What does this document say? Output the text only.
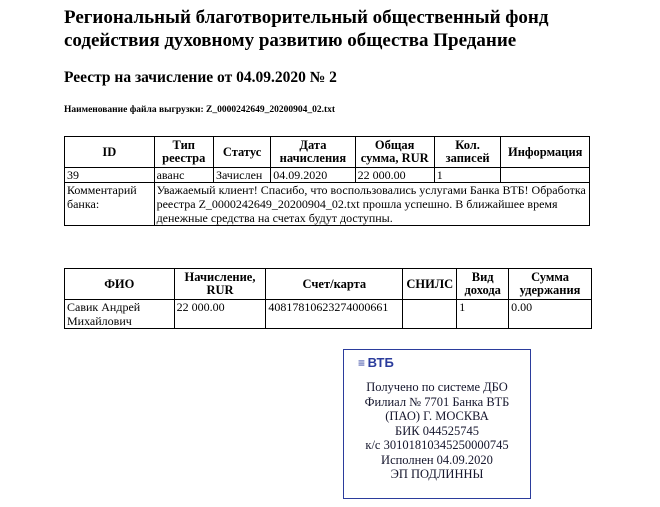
Региональный благотворительный общественный фонд содействия духовному развитию общества Предание
Реестр на зачисление от 04.09.2020 № 2
Наименование файла выгрузки: Z_0000242649_20200904_02.txt
ID	Тип реестра	Статус	Дата начисления	Общая сумма, RUR	Кол. записей	Информация
39	аванс	Зачислен	04.09.2020	22 000.00	1	
Комментарий банка:	Уважаемый клиент! Спасибо, что воспользовались услугами Банка ВТБ! Обработка реестра Z_0000242649_20200904_02.txt прошла успешно. В ближайшее время денежные средства на счетах будут доступны.					
ФИО	Начисление, RUR	Счет/карта	СНИЛС	Вид дохода	Сумма удержания
Савик Андрей Михайлович	22 000.00	40817810623274000661		1	0.00
≡ ВТБ
Получено по системе ДБО
Филиал № 7701 Банка ВТБ
(ПАО) Г. МОСКВА
БИК 044525745
к/с 30101810345250000745
Исполнен 04.09.2020
ЭП ПОДЛИННЫ
